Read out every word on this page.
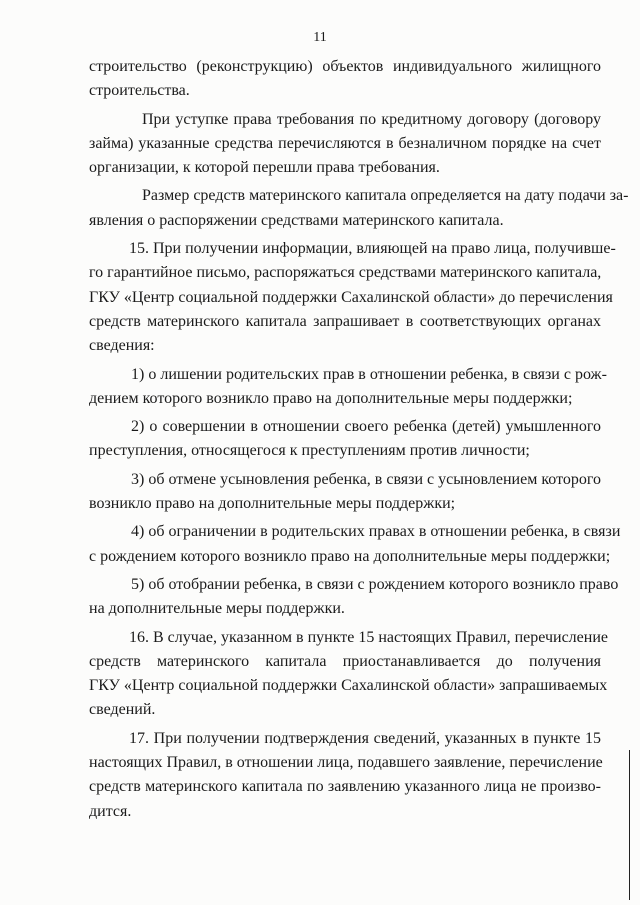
11
строительство (реконструкцию) объектов индивидуального жилищного
строительства.
При уступке права требования по кредитному договору (договору
займа) указанные средства перечисляются в безналичном порядке на счет
организации, к которой перешли права требования.
Размер средств материнского капитала определяется на дату подачи за-
явления о распоряжении средствами материнского капитала.
15. При получении информации, влияющей на право лица, получивше-
го гарантийное письмо, распоряжаться средствами материнского капитала,
ГКУ «Центр социальной поддержки Сахалинской области» до перечисления
средств материнского капитала запрашивает в соответствующих органах
сведения:
1) о лишении родительских прав в отношении ребенка, в связи с рож-
дением которого возникло право на дополнительные меры поддержки;
2) о совершении в отношении своего ребенка (детей) умышленного
преступления, относящегося к преступлениям против личности;
3) об отмене усыновления ребенка, в связи с усыновлением которого
возникло право на дополнительные меры поддержки;
4) об ограничении в родительских правах в отношении ребенка, в связи
с рождением которого возникло право на дополнительные меры поддержки;
5) об отобрании ребенка, в связи с рождением которого возникло право
на дополнительные меры поддержки.
16. В случае, указанном в пункте 15 настоящих Правил, перечисление
средств материнского капитала приостанавливается до получения
ГКУ «Центр социальной поддержки Сахалинской области» запрашиваемых
сведений.
17. При получении подтверждения сведений, указанных в пункте 15
настоящих Правил, в отношении лица, подавшего заявление, перечисление
средств материнского капитала по заявлению указанного лица не произво-
дится.
